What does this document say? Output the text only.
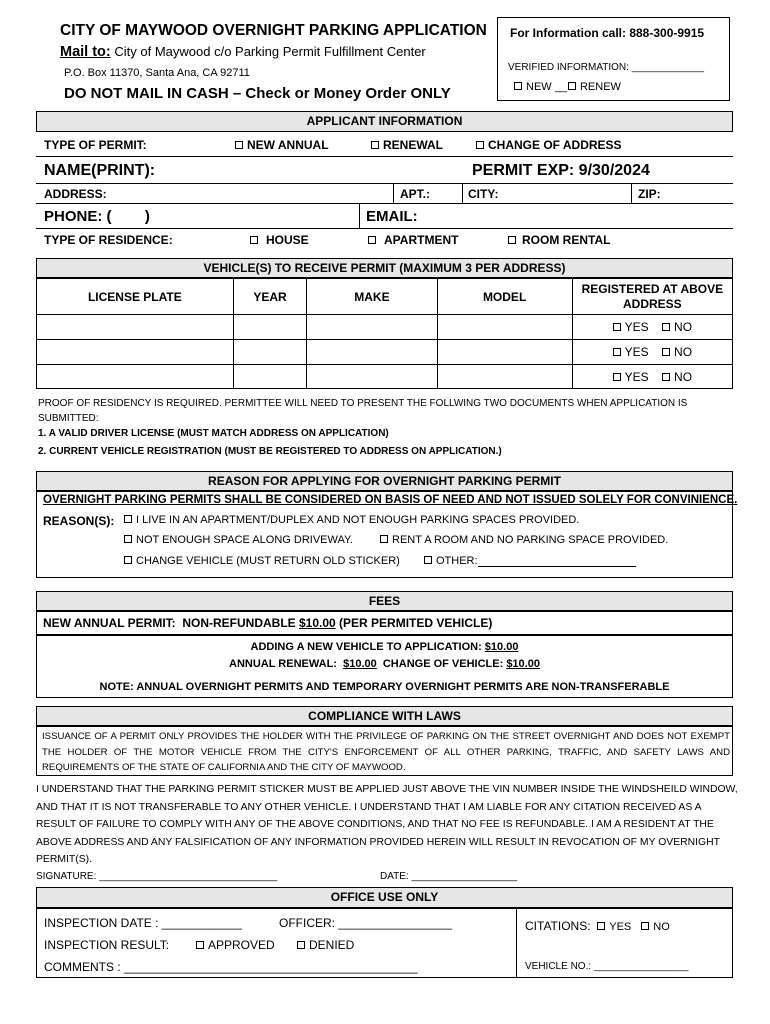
CITY OF MAYWOOD OVERNIGHT PARKING APPLICATION
Mail to: City of Maywood c/o Parking Permit Fulfillment Center
P.O. Box 11370, Santa Ana, CA 92711
DO NOT MAIL IN CASH – Check or Money Order ONLY
For Information call: 888-300-9915
VERIFIED INFORMATION: _____________
NEW __ RENEW
APPLICANT INFORMATION
TYPE OF PERMIT:	NEW ANNUAL	RENEWAL	CHANGE OF ADDRESS
NAME(PRINT):	PERMIT EXP: 9/30/2024
ADDRESS:	APT.:	CITY:	ZIP:
PHONE: (        )	EMAIL:
TYPE OF RESIDENCE:	HOUSE	APARTMENT	ROOM RENTAL
VEHICLE(S) TO RECEIVE PERMIT (MAXIMUM 3 PER ADDRESS)
LICENSE PLATE	YEAR	MAKE	MODEL	REGISTERED AT ABOVE ADDRESS
				YES NO
				YES NO
				YES NO
PROOF OF RESIDENCY IS REQUIRED. PERMITTEE WILL NEED TO PRESENT THE FOLLWING TWO DOCUMENTS WHEN APPLICATION IS SUBMITTED:
1. A VALID DRIVER LICENSE (MUST MATCH ADDRESS ON APPLICATION)
2. CURRENT VEHICLE REGISTRATION (MUST BE REGISTERED TO ADDRESS ON APPLICATION.)
REASON FOR APPLYING FOR OVERNIGHT PARKING PERMIT
OVERNIGHT PARKING PERMITS SHALL BE CONSIDERED ON BASIS OF NEED AND NOT ISSUED SOLELY FOR CONVINIENCE.
REASON(S):	I LIVE IN AN APARTMENT/DUPLEX AND NOT ENOUGH PARKING SPACES PROVIDED.
NOT ENOUGH SPACE ALONG DRIVEWAY.	RENT A ROOM AND NO PARKING SPACE PROVIDED.
CHANGE VEHICLE (MUST RETURN OLD STICKER)	OTHER:
FEES
NEW ANNUAL PERMIT:  NON-REFUNDABLE $10.00 (PER PERMITED VEHICLE)
ADDING A NEW VEHICLE TO APPLICATION: $10.00
ANNUAL RENEWAL:  $10.00  CHANGE OF VEHICLE: $10.00
NOTE: ANNUAL OVERNIGHT PERMITS AND TEMPORARY OVERNIGHT PERMITS ARE NON-TRANSFERABLE
COMPLIANCE WITH LAWS
ISSUANCE OF A PERMIT ONLY PROVIDES THE HOLDER WITH THE PRIVILEGE OF PARKING ON THE STREET OVERNIGHT AND DOES NOT EXEMPT THE HOLDER OF THE MOTOR VEHICLE FROM THE CITY'S ENFORCEMENT OF ALL OTHER PARKING, TRAFFIC, AND SAFETY LAWS AND REQUIREMENTS OF THE STATE OF CALIFORNIA AND THE CITY OF MAYWOOD.
I UNDERSTAND THAT THE PARKING PERMIT STICKER MUST BE APPLIED JUST ABOVE THE VIN NUMBER INSIDE THE WINDSHEILD WINDOW, AND THAT IT IS NOT TRANSFERABLE TO ANY OTHER VEHICLE. I UNDERSTAND THAT I AM LIABLE FOR ANY CITATION RECEIVED AS A RESULT OF FAILURE TO COMPLY WITH ANY OF THE ABOVE CONDITIONS, AND THAT NO FEE IS REFUNDABLE. I AM A RESIDENT AT THE ABOVE ADDRESS AND ANY FALSIFICATION OF ANY INFORMATION PROVIDED HEREIN WILL RESULT IN REVOCATION OF MY OVERNIGHT PERMIT(S).
SIGNATURE: ________________________________	DATE: ___________________
OFFICE USE ONLY
INSPECTION DATE : ____________	OFFICER: _________________
INSPECTION RESULT:	APPROVED	DENIED
COMMENTS : ____________________________________________
CITATIONS: YES NO
VEHICLE NO.: _________________
